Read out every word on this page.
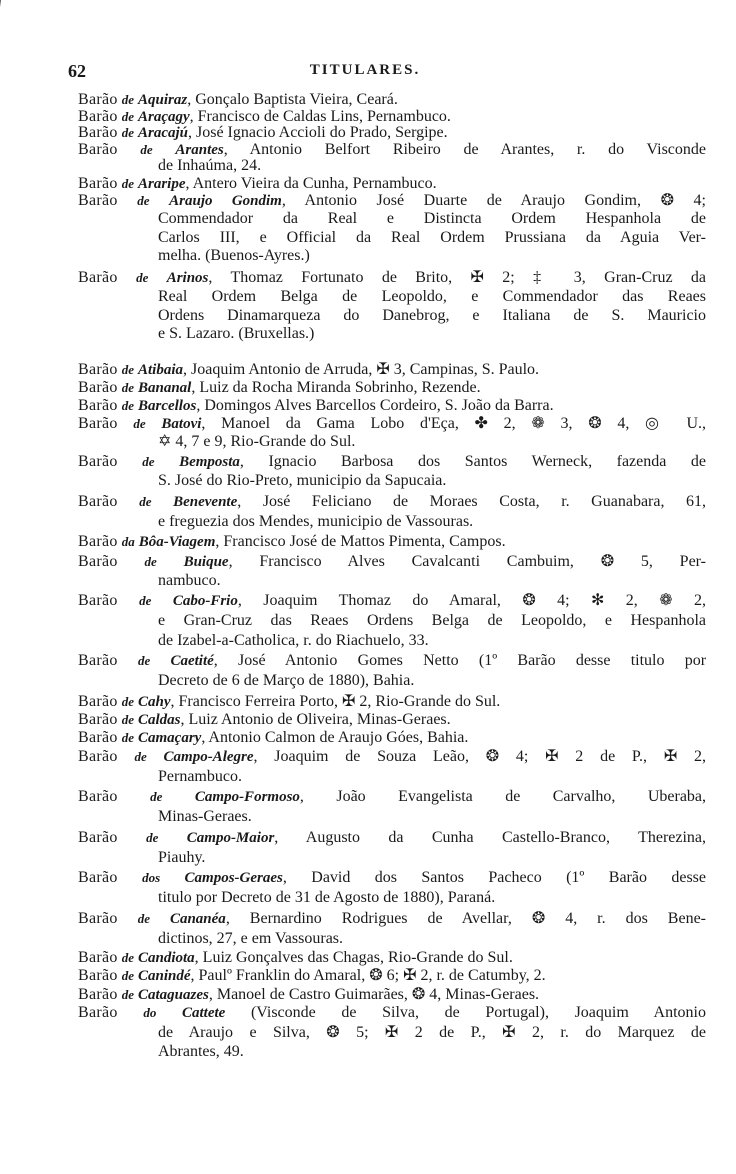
62	TITULARES.
Barão de Aquiraz, Gonçalo Baptista Vieira, Ceará.
Barão de Araçagy, Francisco de Caldas Lins, Pernambuco.
Barão de Aracajú, José Ignacio Accioli do Prado, Sergipe.
Barão de Arantes, Antonio Belfort Ribeiro de Arantes, r. do Visconde
de Inhaúma, 24.
Barão de Araripe, Antero Vieira da Cunha, Pernambuco.
Barão de Araujo Gondim, Antonio José Duarte de Araujo Gondim, ❂ 4;
Commendador da Real e Distincta Ordem Hespanhola de
Carlos III, e Official da Real Ordem Prussiana da Aguia Ver-
melha. (Buenos-Ayres.)
Barão de Arinos, Thomaz Fortunato de Brito, ✠ 2; ‡ 3, Gran-Cruz da
Real Ordem Belga de Leopoldo, e Commendador das Reaes
Ordens Dinamarqueza do Danebrog, e Italiana de S. Mauricio
e S. Lazaro. (Bruxellas.)
Barão de Atibaia, Joaquim Antonio de Arruda, ✠ 3, Campinas, S. Paulo.
Barão de Bananal, Luiz da Rocha Miranda Sobrinho, Rezende.
Barão de Barcellos, Domingos Alves Barcellos Cordeiro, S. João da Barra.
Barão de Batovi, Manoel da Gama Lobo d'Eça, ✤ 2, ❁ 3, ❂ 4, ◎ U.,
✡ 4, 7 e 9, Rio-Grande do Sul.
Barão de Bemposta, Ignacio Barbosa dos Santos Werneck, fazenda de
S. José do Rio-Preto, municipio da Sapucaia.
Barão de Benevente, José Feliciano de Moraes Costa, r. Guanabara, 61,
e freguezia dos Mendes, municipio de Vassouras.
Barão da Bôa-Viagem, Francisco José de Mattos Pimenta, Campos.
Barão de Buique, Francisco Alves Cavalcanti Cambuim, ❂ 5, Per-
nambuco.
Barão de Cabo-Frio, Joaquim Thomaz do Amaral, ❂ 4; ✻ 2, ❁ 2,
e Gran-Cruz das Reaes Ordens Belga de Leopoldo, e Hespanhola
de Izabel-a-Catholica, r. do Riachuelo, 33.
Barão de Caetité, José Antonio Gomes Netto (1º Barão desse titulo por
Decreto de 6 de Março de 1880), Bahia.
Barão de Cahy, Francisco Ferreira Porto, ✠ 2, Rio-Grande do Sul.
Barão de Caldas, Luiz Antonio de Oliveira, Minas-Geraes.
Barão de Camaçary, Antonio Calmon de Araujo Góes, Bahia.
Barão de Campo-Alegre, Joaquim de Souza Leão, ❂ 4; ✠ 2 de P., ✠ 2,
Pernambuco.
Barão de Campo-Formoso, João Evangelista de Carvalho, Uberaba,
Minas-Geraes.
Barão de Campo-Maior, Augusto da Cunha Castello-Branco, Therezina,
Piauhy.
Barão dos Campos-Geraes, David dos Santos Pacheco (1º Barão desse
titulo por Decreto de 31 de Agosto de 1880), Paraná.
Barão de Cananéa, Bernardino Rodrigues de Avellar, ❂ 4, r. dos Bene-
dictinos, 27, e em Vassouras.
Barão de Candiota, Luiz Gonçalves das Chagas, Rio-Grande do Sul.
Barão de Canindé, Paulº Franklin do Amaral, ❂ 6; ✠ 2, r. de Catumby, 2.
Barão de Cataguazes, Manoel de Castro Guimarães, ❂ 4, Minas-Geraes.
Barão do Cattete (Visconde de Silva, de Portugal), Joaquim Antonio
de Araujo e Silva, ❂ 5; ✠ 2 de P., ✠ 2, r. do Marquez de
Abrantes, 49.
